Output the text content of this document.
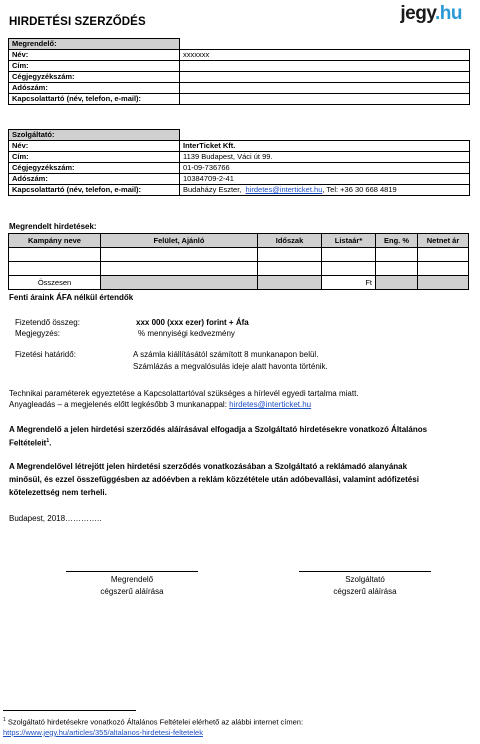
HIRDETÉSI SZERZŐDÉS	jegy.hu
Megrendelő:	
Név:	xxxxxxx
Cím:	
Cégjegyzékszám:	
Adószám:	
Kapcsolattartó (név, telefon, e-mail):	
Szolgáltató:	
Név:	InterTicket Kft.
Cím:	1139 Budapest, Váci út 99.
Cégjegyzékszám:	01-09-736766
Adószám:	10384709-2-41
Kapcsolattartó (név, telefon, e-mail):	Budaházy Eszter, hirdetes@interticket.hu, Tel: +36 30 668 4819
Megrendelt hirdetések:
Kampány neve	Felület, Ajánló	Időszak	Listaár*	Eng. %	Netnet ár

Összesen			Ft		
Fenti áraink ÁFA nélkül értendők
Fizetendő összeg:	xxx 000 (xxx ezer) forint + Áfa
Megjegyzés:	% mennyiségi kedvezmény
Fizetési határidő:	A számla kiállításától számított 8 munkanapon belül.
Számlázás a megvalósulás ideje alatt havonta történik.
Technikai paraméterek egyeztetése a Kapcsolattartóval szükséges a hírlevél egyedi tartalma miatt.
Anyagleadás – a megjelenés előtt legkésőbb 3 munkanappal: hirdetes@interticket.hu
A Megrendelő a jelen hirdetési szerződés aláírásával elfogadja a Szolgáltató hirdetésekre vonatkozó Általános
Feltételeit$^1$.
A Megrendelővel létrejött jelen hirdetési szerződés vonatkozásában a Szolgáltató a reklámadó alanyának
minősül, és ezzel összefüggésben az adóévben a reklám közzététele után adóbevallási, valamint adófizetési
kötelezettség nem terheli.
Budapest, 2018…………..
Megrendelő
cégszerű aláírása
Szolgáltató
cégszerű aláírása
$^1$ Szolgáltató hirdetésekre vonatkozó Általános Feltételei elérhető az alábbi internet címen:
https://www.jegy.hu/articles/355/altalanos-hirdetesi-feltetelek
